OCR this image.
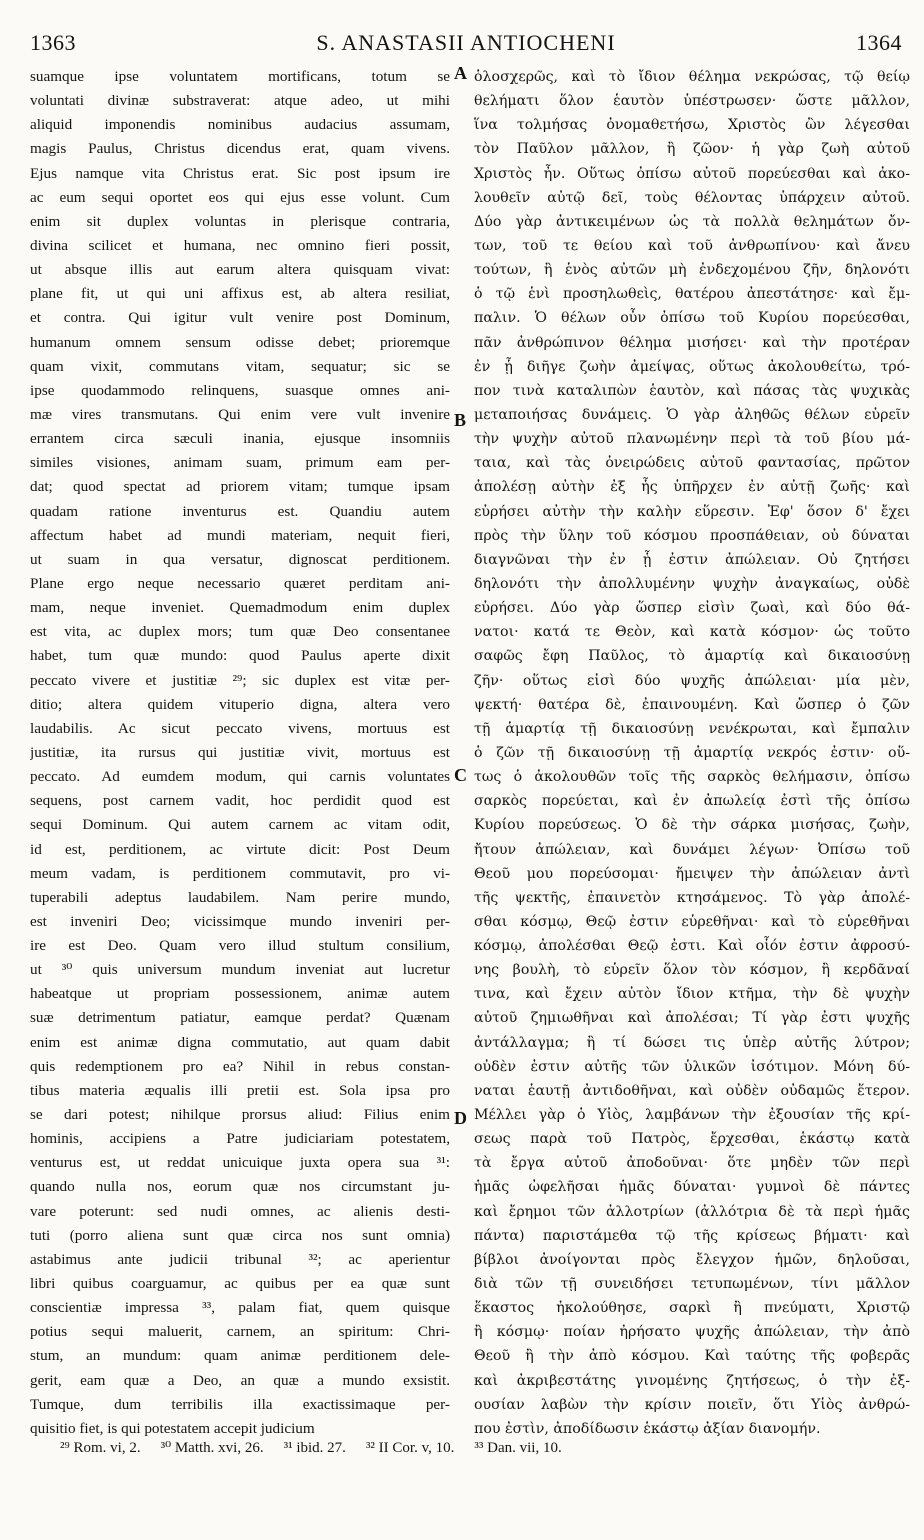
1363	S. ANASTASII ANTIOCHENI	1364
suamque ipse voluntatem mortificans, totum se
voluntati divinæ substraverat: atque adeo, ut mihi
aliquid imponendis nominibus audacius assumam,
magis Paulus, Christus dicendus erat, quam vivens.
Ejus namque vita Christus erat. Sic post ipsum ire
ac eum sequi oportet eos qui ejus esse volunt. Cum
enim sit duplex voluntas in plerisque contraria,
divina scilicet et humana, nec omnino fieri possit,
ut absque illis aut earum altera quisquam vivat:
plane fit, ut qui uni affixus est, ab altera resiliat,
et contra. Qui igitur vult venire post Dominum,
humanum omnem sensum odisse debet; prioremque
quam vixit, commutans vitam, sequatur; sic se
ipse quodammodo relinquens, suasque omnes ani-
mæ vires transmutans. Qui enim vere vult invenire
errantem circa sæculi inania, ejusque insomniis
similes visiones, animam suam, primum eam per-
dat; quod spectat ad priorem vitam; tumque ipsam
quadam ratione inventurus est. Quandiu autem
affectum habet ad mundi materiam, nequit fieri,
ut suam in qua versatur, dignoscat perditionem.
Plane ergo neque necessario quæret perditam ani-
mam, neque inveniet. Quemadmodum enim duplex
est vita, ac duplex mors; tum quæ Deo consentanee
habet, tum quæ mundo: quod Paulus aperte dixit
peccato vivere et justitiæ ²⁹; sic duplex est vitæ per-
ditio; altera quidem vituperio digna, altera vero
laudabilis. Ac sicut peccato vivens, mortuus est
justitiæ, ita rursus qui justitiæ vivit, mortuus est
peccato. Ad eumdem modum, qui carnis voluntates
sequens, post carnem vadit, hoc perdidit quod est
sequi Dominum. Qui autem carnem ac vitam odit,
id est, perditionem, ac virtute dicit: Post Deum
meum vadam, is perditionem commutavit, pro vi-
tuperabili adeptus laudabilem. Nam perire mundo,
est inveniri Deo; vicissimque mundo inveniri per-
ire est Deo. Quam vero illud stultum consilium,
ut ³⁰ quis universum mundum inveniat aut lucretur
habeatque ut propriam possessionem, animæ autem
suæ detrimentum patiatur, eamque perdat? Quænam
enim est animæ digna commutatio, aut quam dabit
quis redemptionem pro ea? Nihil in rebus constan-
tibus materia æqualis illi pretii est. Sola ipsa pro
se dari potest; nihilque prorsus aliud: Filius enim
hominis, accipiens a Patre judiciariam potestatem,
venturus est, ut reddat unicuique juxta opera sua ³¹:
quando nulla nos, eorum quæ nos circumstant ju-
vare poterunt: sed nudi omnes, ac alienis desti-
tuti (porro aliena sunt quæ circa nos sunt omnia)
astabimus ante judicii tribunal ³²; ac aperientur
libri quibus coarguamur, ac quibus per ea quæ sunt
conscientiæ impressa ³³, palam fiat, quem quisque
potius sequi maluerit, carnem, an spiritum: Chri-
stum, an mundum: quam animæ perditionem dele-
gerit, eam quæ a Deo, an quæ a mundo exsistit.
Tumque, dum terribilis illa exactissimaque per-
quisitio fiet, is qui potestatem accepit judicium
ὁλοσχερῶς, καὶ τὸ ἴδιον θέλημα νεκρώσας, τῷ θείῳ
θελήματι ὅλον ἑαυτὸν ὑπέστρωσεν· ὥστε μᾶλλον,
ἵνα τολμήσας ὀνομαθετήσω, Χριστὸς ὢν λέγεσθαι
τὸν Παῦλον μᾶλλον, ἢ ζῶον· ἡ γὰρ ζωὴ αὐτοῦ
Χριστὸς ἦν. Οὕτως ὀπίσω αὐτοῦ πορεύεσθαι καὶ ἀκο-
λουθεῖν αὐτῷ δεῖ, τοὺς θέλοντας ὑπάρχειν αὐτοῦ.
Δύο γὰρ ἀντικειμένων ὡς τὰ πολλὰ θελημάτων ὄν-
των, τοῦ τε θείου καὶ τοῦ ἀνθρωπίνου· καὶ ἄνευ
τούτων, ἢ ἑνὸς αὐτῶν μὴ ἐνδεχομένου ζῆν, δηλονότι
ὁ τῷ ἑνὶ προσηλωθεὶς, θατέρου ἀπεστάτησε· καὶ ἔμ-
παλιν. Ὁ θέλων οὖν ὀπίσω τοῦ Κυρίου πορεύεσθαι,
πᾶν ἀνθρώπινον θέλημα μισήσει· καὶ τὴν προτέραν
ἐν ᾗ διῆγε ζωὴν ἀμείψας, οὕτως ἀκολουθείτω, τρό-
πον τινὰ καταλιπὼν ἑαυτὸν, καὶ πάσας τὰς ψυχικὰς
μεταποιήσας δυνάμεις. Ὁ γὰρ ἀληθῶς θέλων εὑρεῖν
τὴν ψυχὴν αὐτοῦ πλανωμένην περὶ τὰ τοῦ βίου μά-
ταια, καὶ τὰς ὀνειρώδεις αὐτοῦ φαντασίας, πρῶτον
ἀπολέσῃ αὐτὴν ἐξ ἧς ὑπῆρχεν ἐν αὐτῇ ζωῆς· καὶ
εὑρήσει αὐτὴν τὴν καλὴν εὕρεσιν. Ἐφ' ὅσον δ' ἔχει
πρὸς τὴν ὕλην τοῦ κόσμου προσπάθειαν, οὐ δύναται
διαγνῶναι τὴν ἐν ᾗ ἐστιν ἀπώλειαν. Οὐ ζητήσει
δηλονότι τὴν ἀπολλυμένην ψυχὴν ἀναγκαίως, οὐδὲ
εὑρήσει. Δύο γὰρ ὥσπερ εἰσὶν ζωαὶ, καὶ δύο θά-
νατοι· κατά τε Θεὸν, καὶ κατὰ κόσμον· ὡς τοῦτο
σαφῶς ἔφη Παῦλος, τὸ ἁμαρτίᾳ καὶ δικαιοσύνῃ
ζῆν· οὕτως εἰσὶ δύο ψυχῆς ἀπώλειαι· μία μὲν,
ψεκτή· θατέρα δὲ, ἐπαινουμένη. Καὶ ὥσπερ ὁ ζῶν
τῇ ἁμαρτίᾳ τῇ δικαιοσύνῃ νενέκρωται, καὶ ἔμπαλιν
ὁ ζῶν τῇ δικαιοσύνῃ τῇ ἁμαρτίᾳ νεκρός ἐστιν· οὕ-
τως ὁ ἀκολουθῶν τοῖς τῆς σαρκὸς θελήμασιν, ὀπίσω
σαρκὸς πορεύεται, καὶ ἐν ἀπωλείᾳ ἐστὶ τῆς ὀπίσω
Κυρίου πορεύσεως. Ὁ δὲ τὴν σάρκα μισήσας, ζωὴν,
ἤτουν ἀπώλειαν, καὶ δυνάμει λέγων· Ὀπίσω τοῦ
Θεοῦ μου πορεύσομαι· ἤμειψεν τὴν ἀπώλειαν ἀντὶ
τῆς ψεκτῆς, ἐπαινετὸν κτησάμενος. Τὸ γὰρ ἀπολέ-
σθαι κόσμῳ, Θεῷ ἐστιν εὑρεθῆναι· καὶ τὸ εὑρεθῆναι
κόσμῳ, ἀπολέσθαι Θεῷ ἐστι. Καὶ οἷόν ἐστιν ἀφροσύ-
νης βουλὴ, τὸ εὑρεῖν ὅλον τὸν κόσμον, ἢ κερδᾶναί
τινα, καὶ ἔχειν αὐτὸν ἴδιον κτῆμα, τὴν δὲ ψυχὴν
αὐτοῦ ζημιωθῆναι καὶ ἀπολέσαι; Τί γὰρ ἐστι ψυχῆς
ἀντάλλαγμα; ἢ τί δώσει τις ὑπὲρ αὐτῆς λύτρον;
οὐδὲν ἐστιν αὐτῆς τῶν ὑλικῶν ἰσότιμον. Μόνη δύ-
ναται ἑαυτῇ ἀντιδοθῆναι, καὶ οὐδὲν οὐδαμῶς ἕτερον.
Μέλλει γὰρ ὁ Υἱὸς, λαμβάνων τὴν ἐξουσίαν τῆς κρί-
σεως παρὰ τοῦ Πατρὸς, ἔρχεσθαι, ἑκάστῳ κατὰ
τὰ ἔργα αὐτοῦ ἀποδοῦναι· ὅτε μηδὲν τῶν περὶ
ἡμᾶς ὠφελῆσαι ἡμᾶς δύναται· γυμνοὶ δὲ πάντες
καὶ ἔρημοι τῶν ἀλλοτρίων (ἀλλότρια δὲ τὰ περὶ ἡμᾶς
πάντα) παριστάμεθα τῷ τῆς κρίσεως βήματι· καὶ
βίβλοι ἀνοίγονται πρὸς ἔλεγχον ἡμῶν, δηλοῦσαι,
διὰ τῶν τῇ συνειδήσει τετυπωμένων, τίνι μᾶλλον
ἕκαστος ἠκολούθησε, σαρκὶ ἢ πνεύματι, Χριστῷ
ἢ κόσμῳ· ποίαν ἠρήσατο ψυχῆς ἀπώλειαν, τὴν ἀπὸ
Θεοῦ ἢ τὴν ἀπὸ κόσμου. Καὶ ταύτης τῆς φοβερᾶς
καὶ ἀκριβεστάτης γινομένης ζητήσεως, ὁ τὴν ἐξ-
ουσίαν λαβὼν τὴν κρίσιν ποιεῖν, ὅτι Υἱὸς ἀνθρώ-
που ἐστὶν, ἀποδίδωσιν ἑκάστῳ ἀξίαν διανομήν.
A
B
C
D
²⁹ Rom. vi, 2. ³⁰ Matth. xvi, 26. ³¹ ibid. 27. ³² II Cor. v, 10. ³³ Dan. vii, 10.
